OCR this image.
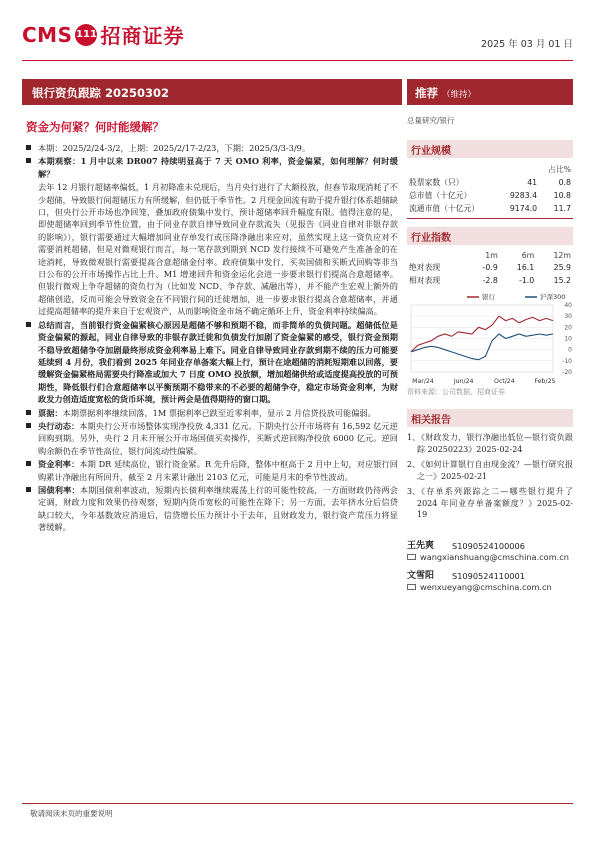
CMS 111 招商证券	2025 年 03 月 01 日
银行资负跟踪 20250302	推荐 （维持）
资金为何紧？何时能缓解？
本期：2025/2/24-3/2，上期：2025/2/17-2/23，下期：2025/3/3-3/9。
本期观察：1 月中以来 DR007 持续明显高于 7 天 OMO 利率，资金偏紧，如何理解？何时缓解？
去年 12 月银行超储率偏低，1 月初降准未兑现后，当月央行进行了大额投放，但春节取现消耗了不少超储，导致银行间超储压力有所缓解，但仍低于季节性。2 月现金回流有助于提升银行体系超储缺口，但央行公开市场也净回笼，叠加政府债集中发行，预计超储率回升幅度有限。值得注意的是，即使超储率回到季节性位置，由于同业存款自律导致同业存款流失（见报告《同业自律对非银存款的影响》），银行需要通过大幅增加同业存单发行或压降净融出来应对，虽然实现上这一资负应对不需要消耗超储，但是对微观银行而言，每一笔存款到期到 NCD 发行接续不可避免产生准备金的在途消耗，导致微观银行需要提高合意超储金付率。政府债集中发行、买卖国债和买断式回购等非当日公布的公开市场操作占比上升、M1 增速回升和资金运化会进一步要求银行们提高合意超储率。但银行微观上争夺超储的资负行为（比如发 NCD、争存款、减融出等），并不能产生宏观上额外的超储创造，反而可能会导致资金在不同银行间的迁徙增加，进一步要求银行提高合意超储率，并通过提高超储率的提升来自于宏观资产，从而影响资金市场不确定循环上升，资金利率持续偏高。
总结而言，当前银行资金偏紧核心原因是超储不够和预期不稳，而非简单的负债问题。超储低位是资金偏紧的源起，同业自律导致的非银存款迁徙和负债发行加剧了资金偏紧的感受，银行资金预期不稳导致超储争夺加剧最终形成资金利率易上难下。同业自律导致同业存款到期不续的压力可能要延续到 4 月份，我们看到 2025 年同业存单备案大幅上行，预计在途超储的消耗短期难以回落，要缓解资金偏紧格局需要央行降准或加大 7 日度 OMO 投放额，增加超储供给或适度提高投放的可预期性，降低银行们合意超储率以平衡预期不稳带来的不必要的超储争夺，稳定市场资金利率，为财政发力创造适度宽松的货币环境，预计两会是值得期待的窗口期。
票据：本期票据利率继续回落，1M 票据利率已跌至近零利率，显示 2 月信贷投放可能偏弱。
央行动态：本期央行公开市场整体实现净投放 4,331 亿元。下期央行公开市场将有 16,592 亿元逆回购到期。另外，央行 2 月未开展公开市场国债买卖操作，买断式逆回购净投放 6000 亿元。逆回购余额仍在季节性高位，银行间流动性偏紧。
资金利率：本期 DR 延续高位，银行资金紧。R 先升后降，整体中枢高于 2 月中上旬，对应银行回购累计净融出有所回升，截至 2 月末累计融出 2103 亿元，可能是月末的季节性波动。
国债利率：本期国债利率波动，短期内长债利率继续震荡上行的可能性较高，一方面财政仍待两会定调，财政力度和效果仍待观察，短期内货币宽松的可能性在降下；另一方面，去年挤水分后信贷缺口较大，今年基数效应消退后，信贷增长压力预计小于去年，且财政发力，银行资产荒压力将显著缓解。
总量研究/银行
行业规模
		占比%
股票家数（只）	41	0.8
总市值（十亿元）	9283.4	10.8
流通市值（十亿元）	9174.0	11.7
行业指数
	1m	6m	12m
绝对表现	-0.9	16.1	25.9
相对表现	-2.8	-1.0	15.2
40
30
20
10
0
-10
-20
Mar/24	Jun/24	Oct/24	Feb/25
银行	沪深300
资料来源：公司数据、招商证券
相关报告
1、
《财政发力，银行净融出低位—银行资负跟踪 20250223》2025-02-24
2、
《如何计算银行自由现金流？—银行研究报之一》2025-02-21
3、
《存单系列跟踪之二—哪些银行提升了 2024 年同业存单备案额度？》2025-02-19
王先爽	S1090524100006
wangxianshuang@cmschina.com.cn
文雪阳	S1090524110001
wenxueyang@cmschina.com.cn
敬请阅读末页的重要说明
